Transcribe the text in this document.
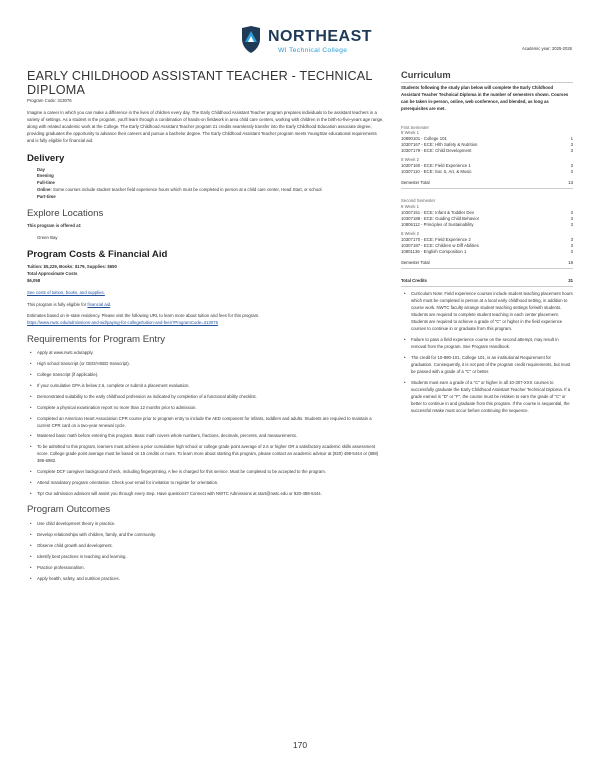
NORTHEAST
WI Technical College	Academic year: 2025-2026
EARLY CHILDHOOD ASSISTANT TEACHER - TECHNICAL
DIPLOMA
Program Code: 313076

Imagine a career in which you can make a difference in the lives of children every day. The Early Childhood Assistant Teacher program prepares individuals to be assistant teachers in a variety of settings. As a student in the program, you'll learn through a combination of hands-on fieldwork in area child care centers, working with children in the birth-to-five-years age range, along with related academic work at the College. The Early Childhood Assistant Teacher program 21 credits seamlessly transfer into the Early Childhood Education associate degree, providing graduates the opportunity to advance their careers and pursue a bachelor degree. The Early Childhood Assistant Teacher program meets YoungStar educational requirements and is fully eligible for financial aid.

Delivery
Day
Evening
Full-time
Online: Some courses include student teacher field experience hours which must be completed in person at a child care center, Head Start, or school.
Part-time
Explore Locations
This program is offered at:
Green Bay
Program Costs & Financial Aid
Tuition: $5,229, Books: $179, Supplies: $650
Total Approximate Costs
$6,058
See costs of tuition, books, and supplies.
This program is fully eligible for financial aid.
Estimates based on in-state residency. Please visit the following URL to learn more about tuition and fees for this program.
https://www.nwtc.edu/admissions-and-aid/paying-for-college/tuition-and-fees?ProgramCode=313076
Requirements for Program Entry
• Apply at www.nwtc.edu/apply.
• High school transcript (or GED/HSED transcript).
• College transcript (if applicable).
• If your cumulative GPA is below 2.6, complete or submit a placement evaluation.
• Demonstrated suitability to the early childhood profession as indicated by completion of a functional ability checklist.
• Complete a physical examination report no more than 12 months prior to admission.
• Completed an American Heart Association CPR course prior to program entry to include the AED component for infants, toddlers and adults. Students are required to maintain a current CPR card on a two-year renewal cycle.
• Mastered basic math before entering this program. Basic math covers whole numbers, fractions, decimals, percents, and measurements.
• To be admitted to this program, learners must achieve a prior cumulative high school or college grade point average of 2.6 or higher OR a satisfactory academic skills assessment score. College grade point average must be based on 15 credits or more. To learn more about starting this program, please contact an academic advisor at (920) 498-5444 or (888) 385-6982.
• Complete DCF caregiver background check, including fingerprinting. A fee is charged for this service. Must be completed to be accepted to the program.
• Attend mandatory program orientation. Check your email for invitation to register for orientation.
• Tip! Our admission advisors will assist you through every step. Have questions? Connect with NWTC Admissions at start@nwtc.edu or 920-498-5444.
Program Outcomes
• Use child development theory in practice.
• Develop relationships with children, family, and the community.
• Observe child growth and development.
• Identify best practices in teaching and learning.
• Practice professionalism.
• Apply health, safety, and nutrition practices.
Curriculum
Students following the study plan below will complete the Early Childhood Assistant Teacher Technical Diploma in the number of semesters shown. Courses can be taken in-person, online, web conference, and blended, as long as prerequisites are met.
First Semester
8 Week 1
10890101 - College 101	1
10307167 - ECE: Hlth Safety & Nutrition	3
10307179 - ECE: Child Development	3
8 Week 2
10307160 - ECE: Field Experience 1	3
10307110 - ECE: Soc S, Art, & Music	3
Semester Total	13
Second Semester
8 Week 1
10307151 - ECE: Infant & Toddler Dev	3
10307188 - ECE: Guiding Child Behavior	3
10806112 - Principles of Sustainability	3
8 Week 2
10307170 - ECE: Field Experience 2	3
10307187 - ECE: Children w Diff Abilities	3
10801136 - English Composition 1	3
Semester Total	18
Total Credits	31
• Curriculum Note: Field experience courses include student teaching placement hours which must be completed in person at a local early childhood setting, in addition to course work. NWTC faculty arrange student teaching settings for/with students. Students are required to complete student teaching in each center placement. Students are required to achieve a grade of "C" or higher in the field experience courses to continue in or graduate from this program.
• Failure to pass a field experience course on the second attempt, may result in removal from the program. See Program Handbook.
• The credit for 10-890-101, College 101, is an institutional Requirement for graduation. Consequently, it is not part of the program credit requirements, but must be passed with a grade of a "C" or better.
• Students must earn a grade of a "C" or higher in all 10-307-XXX courses to successfully graduate the Early Childhood Assistant Teacher Technical Diploma. If a grade earned is "D" or "F", the course must be retaken to earn the grade of "C" or better to continue in and graduate from this program. If the course is sequential, the successful retake must occur before continuing the sequence.
170
